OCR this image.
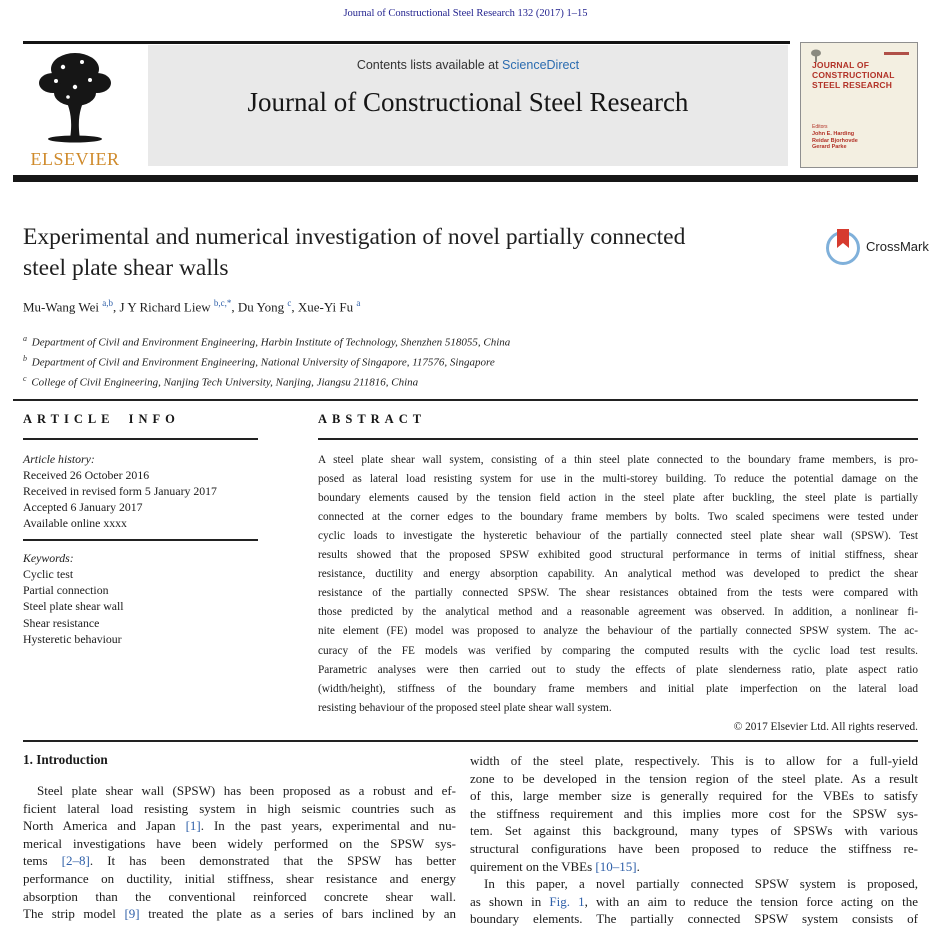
Journal of Constructional Steel Research 132 (2017) 1–15
ELSEVIER
Contents lists available at ScienceDirect
Journal of Constructional Steel Research
JOURNAL OF CONSTRUCTIONAL STEEL RESEARCH
Editors
John E. Harding
Reidar Bjorhovde
Gerard Parke
Experimental and numerical investigation of novel partially connected
steel plate shear walls
CrossMark
Mu-Wang Wei $^{a,b}$, J Y Richard Liew $^{b,c,*}$, Du Yong $^c$, Xue-Yi Fu $^a$
$^a$ Department of Civil and Environment Engineering, Harbin Institute of Technology, Shenzhen 518055, China
$^b$ Department of Civil and Environment Engineering, National University of Singapore, 117576, Singapore
$^c$ College of Civil Engineering, Nanjing Tech University, Nanjing, Jiangsu 211816, China
ARTICLE INFO
Article history:
Received 26 October 2016
Received in revised form 5 January 2017
Accepted 6 January 2017
Available online xxxx
Keywords:
Cyclic test
Partial connection
Steel plate shear wall
Shear resistance
Hysteretic behaviour
ABSTRACT
A steel plate shear wall system, consisting of a thin steel plate connected to the boundary frame members, is pro-
posed as lateral load resisting system for use in the multi-storey building. To reduce the potential damage on the
boundary elements caused by the tension field action in the steel plate after buckling, the steel plate is partially
connected at the corner edges to the boundary frame members by bolts. Two scaled specimens were tested under
cyclic loads to investigate the hysteretic behaviour of the partially connected steel plate shear wall (SPSW). Test
results showed that the proposed SPSW exhibited good structural performance in terms of initial stiffness, shear
resistance, ductility and energy absorption capability. An analytical method was developed to predict the shear
resistance of the partially connected SPSW. The shear resistances obtained from the tests were compared with
those predicted by the analytical method and a reasonable agreement was observed. In addition, a nonlinear fi-
nite element (FE) model was proposed to analyze the behaviour of the partially connected SPSW system. The ac-
curacy of the FE models was verified by comparing the computed results with the cyclic load test results.
Parametric analyses were then carried out to study the effects of plate slenderness ratio, plate aspect ratio
(width/height), stiffness of the boundary frame members and initial plate imperfection on the lateral load
resisting behaviour of the proposed steel plate shear wall system.
© 2017 Elsevier Ltd. All rights reserved.
1. Introduction
Steel plate shear wall (SPSW) has been proposed as a robust and ef-
ficient lateral load resisting system in high seismic countries such as
North America and Japan [1]. In the past years, experimental and nu-
merical investigations have been widely performed on the SPSW sys-
tems [2–8]. It has been demonstrated that the SPSW has better
performance on ductility, initial stiffness, shear resistance and energy
absorption than the conventional reinforced concrete shear wall.
The strip model [9] treated the plate as a series of bars inclined by an
width of the steel plate, respectively. This is to allow for a full-yield
zone to be developed in the tension region of the steel plate. As a result
of this, large member size is generally required for the VBEs to satisfy
the stiffness requirement and this implies more cost for the SPSW sys-
tem. Set against this background, many types of SPSWs with various
structural configurations have been proposed to reduce the stiffness re-
quirement on the VBEs [10–15].
In this paper, a novel partially connected SPSW system is proposed,
as shown in Fig. 1, with an aim to reduce the tension force acting on the
boundary elements. The partially connected SPSW system consists of
